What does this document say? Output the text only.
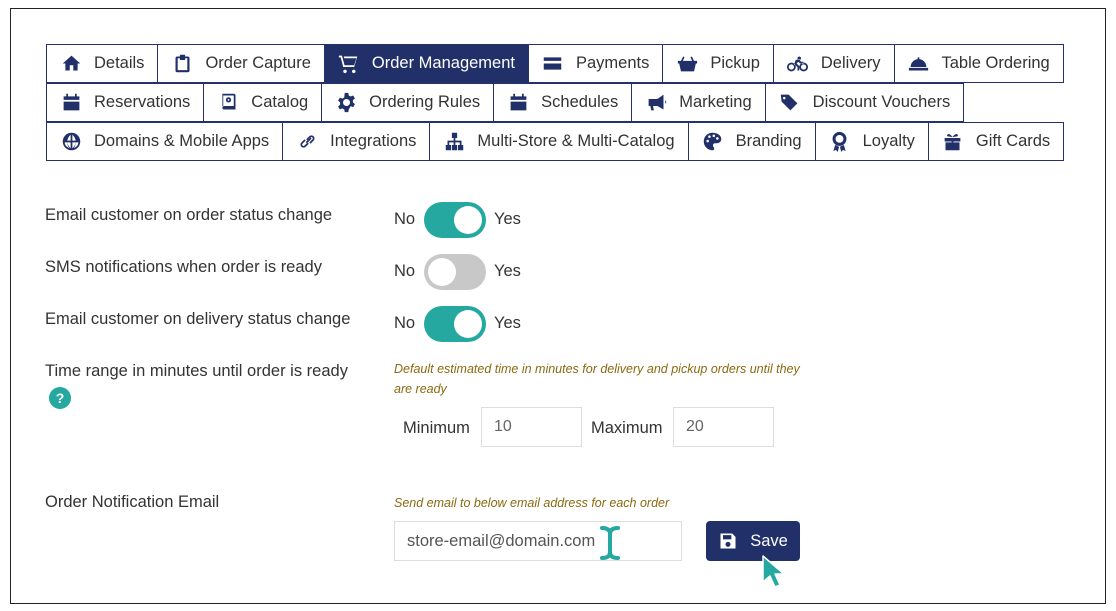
Details	Order Capture	Order Management	Payments	Pickup	Delivery	Table Ordering
Reservations	Catalog	Ordering Rules	Schedules	Marketing	Discount Vouchers
Domains & Mobile Apps	Integrations	Multi-Store & Multi-Catalog	Branding	Loyalty	Gift Cards
Email customer on order status change	No	Yes
SMS notifications when order is ready	No	Yes
Email customer on delivery status change	No	Yes
Time range in minutes until order is ready
?
Default estimated time in minutes for delivery and pickup orders until they are ready
Minimum
10	Maximum
20
Order Notification Email	Send email to below email address for each order
store-email@domain.com
Save
